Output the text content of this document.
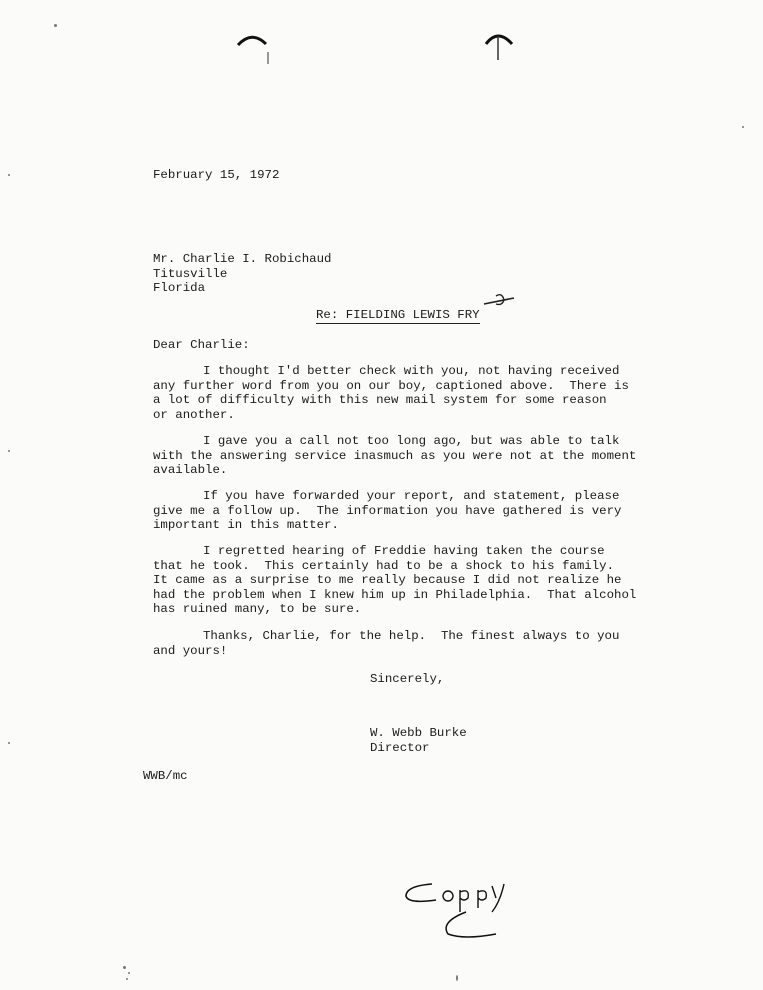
February 15, 1972
Mr. Charlie I. Robichaud
Titusville
Florida
Re: FIELDING LEWIS FRY
Dear Charlie:
I thought I'd better check with you, not having received
any further word from you on our boy, captioned above.  There is
a lot of difficulty with this new mail system for some reason
or another.
I gave you a call not too long ago, but was able to talk
with the answering service inasmuch as you were not at the moment
available.
If you have forwarded your report, and statement, please
give me a follow up.  The information you have gathered is very
important in this matter.
I regretted hearing of Freddie having taken the course
that he took.  This certainly had to be a shock to his family.
It came as a surprise to me really because I did not realize he
had the problem when I knew him up in Philadelphia.  That alcohol
has ruined many, to be sure.
Thanks, Charlie, for the help.  The finest always to you
and yours!
Sincerely,
W. Webb Burke
Director
WWB/mc
